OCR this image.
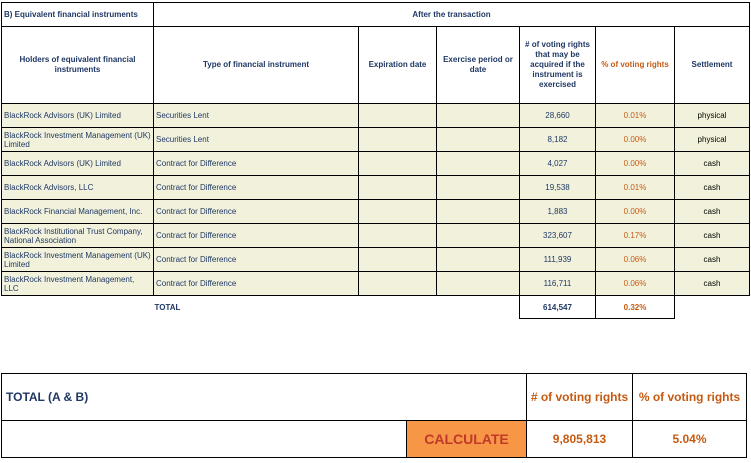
B) Equivalent financial instruments	After the transaction					
Holders of equivalent financial instruments	Type of financial instrument	Expiration date	Exercise period or date	# of voting rights that may be acquired if the instrument is exercised	% of voting rights	Settlement
BlackRock Advisors (UK) Limited	Securities Lent			28,660	0.01%	physical
BlackRock Investment Management (UK) Limited	Securities Lent			8,182	0.00%	physical
BlackRock Advisors (UK) Limited	Contract for Difference			4,027	0.00%	cash
BlackRock Advisors, LLC	Contract for Difference			19,538	0.01%	cash
BlackRock Financial Management, Inc.	Contract for Difference			1,883	0.00%	cash
BlackRock Institutional Trust Company, National Association	Contract for Difference			323,607	0.17%	cash
BlackRock Investment Management (UK) Limited	Contract for Difference			111,939	0.06%	cash
BlackRock Investment Management, LLC	Contract for Difference			116,711	0.06%	cash
	TOTAL			614,547	0.32%	
TOTAL (A & B)		# of voting rights	% of voting rights
	CALCULATE	9,805,813	5.04%
